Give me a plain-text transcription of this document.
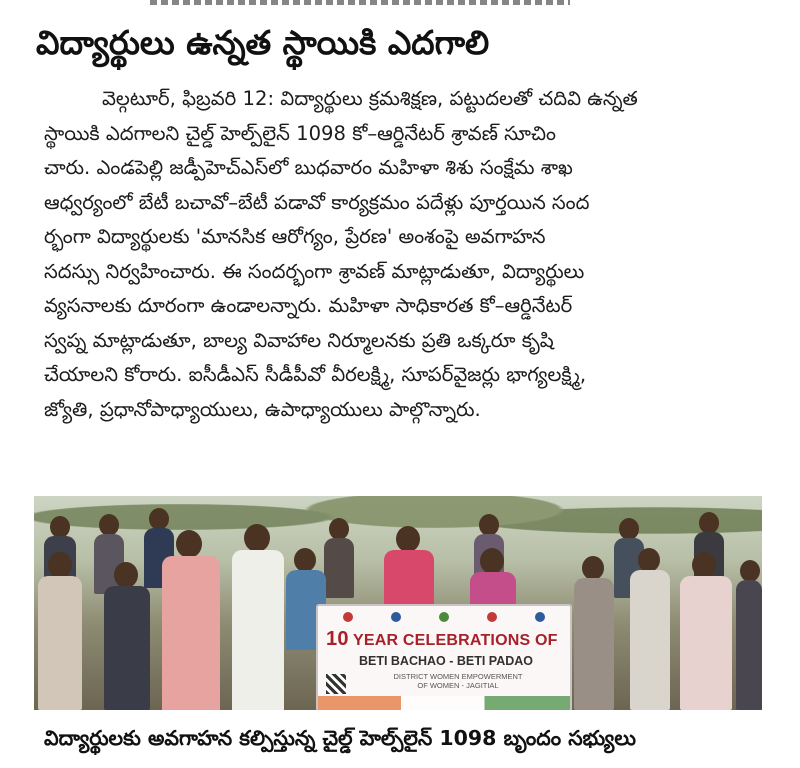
విద్యార్థులు ఉన్నత స్థాయికి ఎదగాలి
వెల్గటూర్, ఫిబ్రవరి 12: విద్యార్థులు క్రమశిక్షణ, పట్టుదలతో చదివి ఉన్నత
స్థాయికి ఎదగాలని చైల్డ్ హెల్ప్‌లైన్ 1098 కో–ఆర్డినేటర్ శ్రావణ్ సూచిం
చారు. ఎండపెల్లి జడ్పీహెచ్ఎస్‌లో బుధవారం మహిళా శిశు సంక్షేమ శాఖ
ఆధ్వర్యంలో బేటీ బచావో–బేటీ పడావో కార్యక్రమం పదేళ్లు పూర్తయిన సంద
ర్భంగా విద్యార్థులకు 'మానసిక ఆరోగ్యం, ప్రేరణ' అంశంపై అవగాహన
సదస్సు నిర్వహించారు. ఈ సందర్భంగా శ్రావణ్ మాట్లాడుతూ, విద్యార్థులు
వ్యసనాలకు దూరంగా ఉండాలన్నారు. మహిళా సాధికారత కో–ఆర్డినేటర్
స్వప్న మాట్లాడుతూ, బాల్య వివాహాల నిర్మూలనకు ప్రతి ఒక్కరూ కృషి
చేయాలని కోరారు. ఐసీడీఎస్ సీడీపీవో వీరలక్ష్మి, సూపర్‌వైజర్లు భాగ్యలక్ష్మి,
జ్యోతి, ప్రధానోపాధ్యాయులు, ఉపాధ్యాయులు పాల్గొన్నారు.
10 YEAR CELEBRATIONS OF
BETI BACHAO - BETI PADAO
DISTRICT WOMEN EMPOWERMENT
OF WOMEN - JAGITIAL
విద్యార్థులకు అవగాహన కల్పిస్తున్న చైల్డ్ హెల్ప్‌లైన్ 1098 బృందం సభ్యులు
